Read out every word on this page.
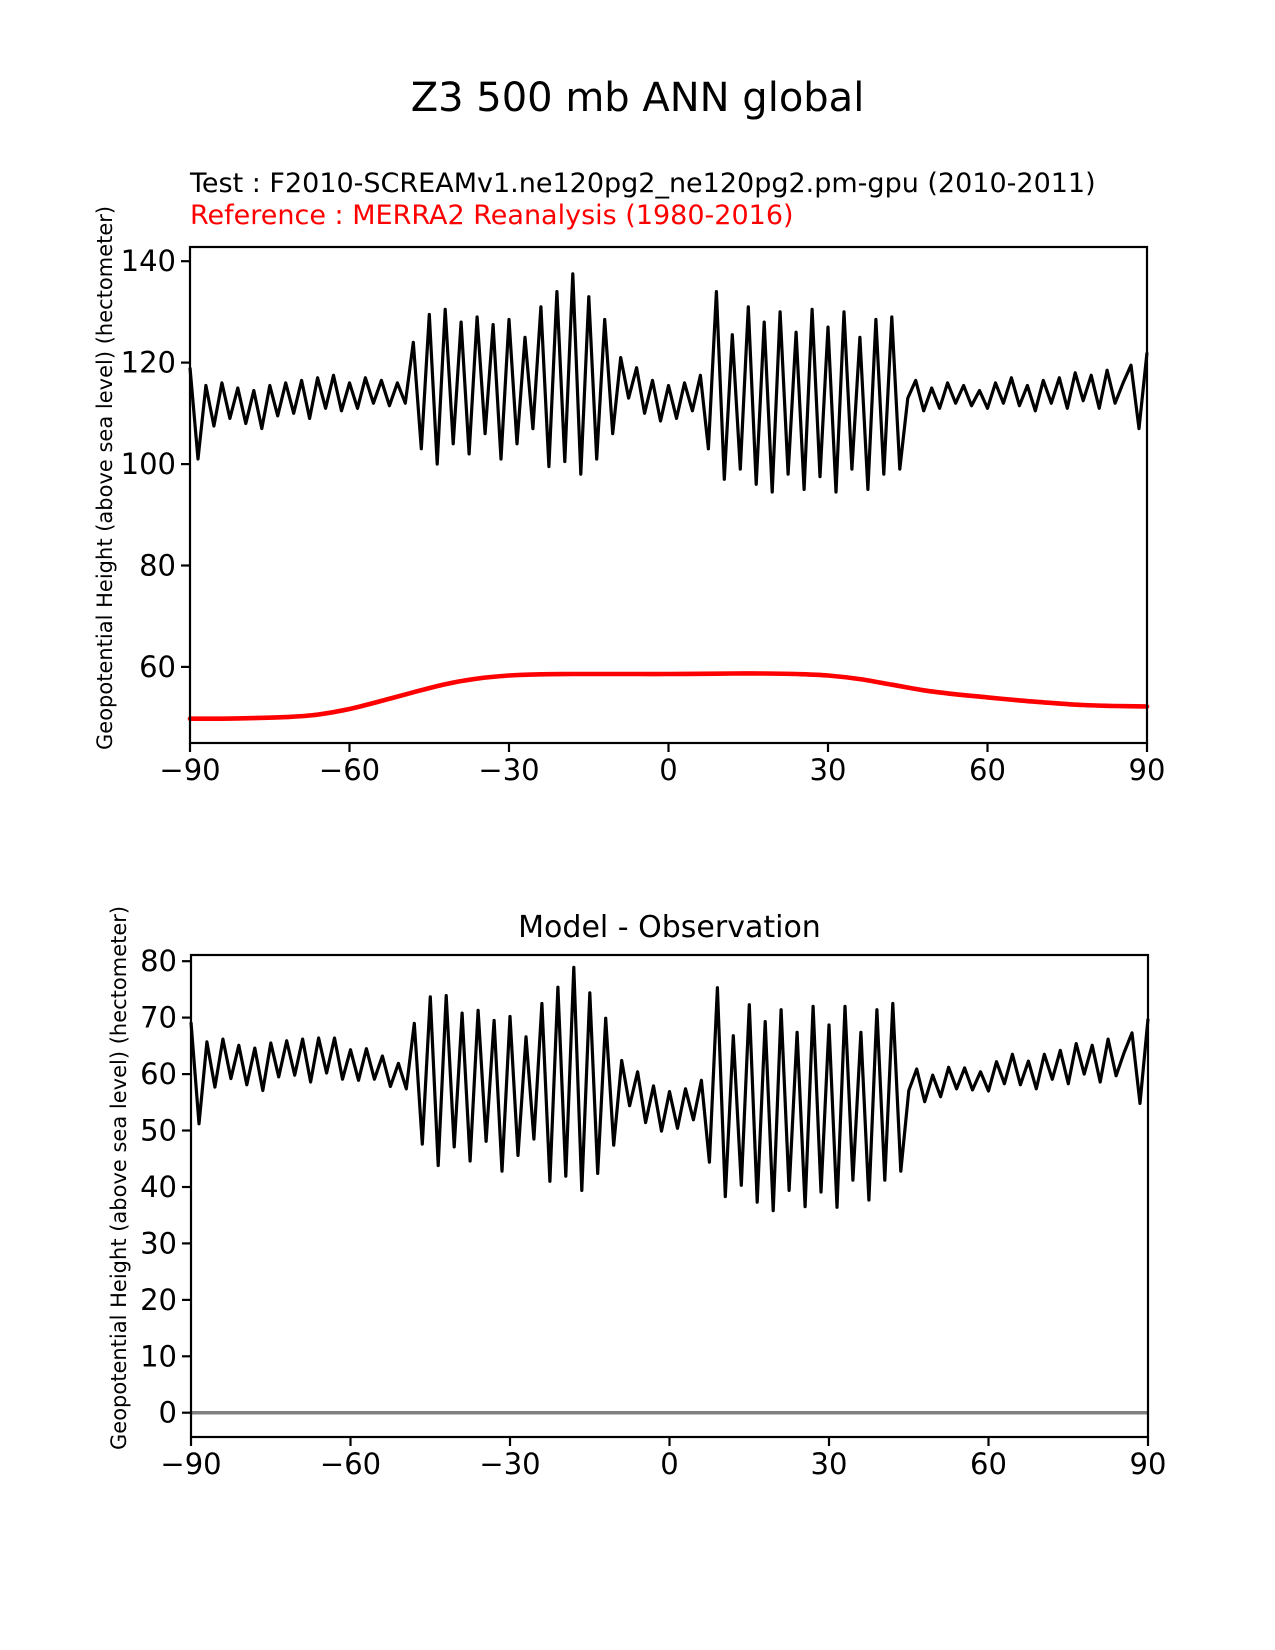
Z3 500 mb ANN global
Test : F2010-SCREAMv1.ne120pg2_ne120pg2.pm-gpu (2010-2011)
Reference : MERRA2 Reanalysis (1980-2016)
Model - Observation
Geopotential Height (above sea level) (hectometer)
Geopotential Height (above sea level) (hectometer)
−90	−60	−30	0	30	60	90
60
80
100
120
140
−90	−60	−30	0	30	60	90
0
10
20
30
40
50
60
70
80
